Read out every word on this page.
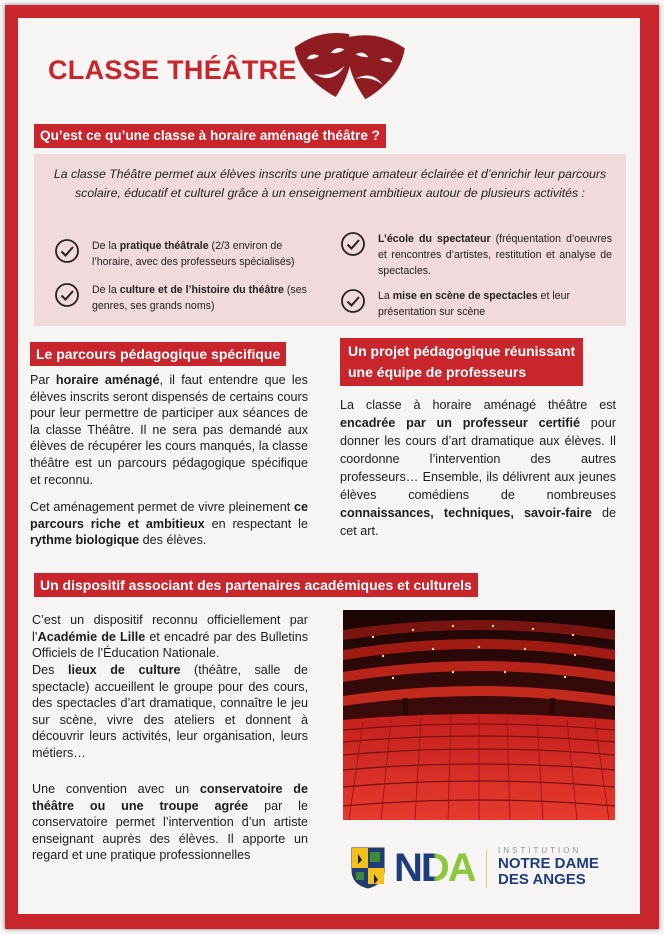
CLASSE THÉÂTRE
Qu’est ce qu’une classe à horaire aménagé théâtre ?
La classe Théâtre permet aux élèves inscrits une pratique amateur éclairée et d’enrichir leur parcours scolaire, éducatif et culturel grâce à un enseignement ambitieux autour de plusieurs activités :
De la pratique théâtrale (2/3 environ de l’horaire, avec des professeurs spécialisés)
De la culture et de l’histoire du théâtre (ses genres, ses grands noms)
L’école du spectateur (fréquentation d’oeuvres et rencontres d’artistes, restitution et analyse de spectacles.
La mise en scène de spectacles et leur présentation sur scène
Le parcours pédagogique spécifique
Par horaire aménagé, il faut entendre que les élèves inscrits seront dispensés de certains cours pour leur permettre de participer aux séances de la classe Théâtre. Il ne sera pas demandé aux élèves de récupérer les cours manqués, la classe théâtre est un parcours pédagogique spécifique et reconnu.
Cet aménagement permet de vivre pleinement ce parcours riche et ambitieux en respectant le rythme biologique des élèves.
Un projet pédagogique réunissant
une équipe de professeurs
La classe à horaire aménagé théâtre est encadrée par un professeur certifié pour donner les cours d’art dramatique aux élèves. Il coordonne l’intervention des autres professeurs… Ensemble, ils délivrent aux jeunes élèves comédiens de nombreuses connaissances, techniques, savoir-faire de cet art.
Un dispositif associant des partenaires académiques et culturels
C’est un dispositif reconnu officiellement par l’Académie de Lille et encadré par des Bulletins Officiels de l’Éducation Nationale.
Des lieux de culture (théâtre, salle de spectacle) accueillent le groupe pour des cours, des spectacles d’art dramatique, connaître le jeu sur scène, vivre des ateliers et donnent à découvrir leurs activités, leur organisation, leurs métiers…
Une convention avec un conservatoire de théâtre ou une troupe agrée par le conservatoire permet l’intervention d’un artiste enseignant auprès des élèves. Il apporte un regard et une pratique professionnelles	NDA	INSTITUTION
NOTRE DAME
DES ANGES
